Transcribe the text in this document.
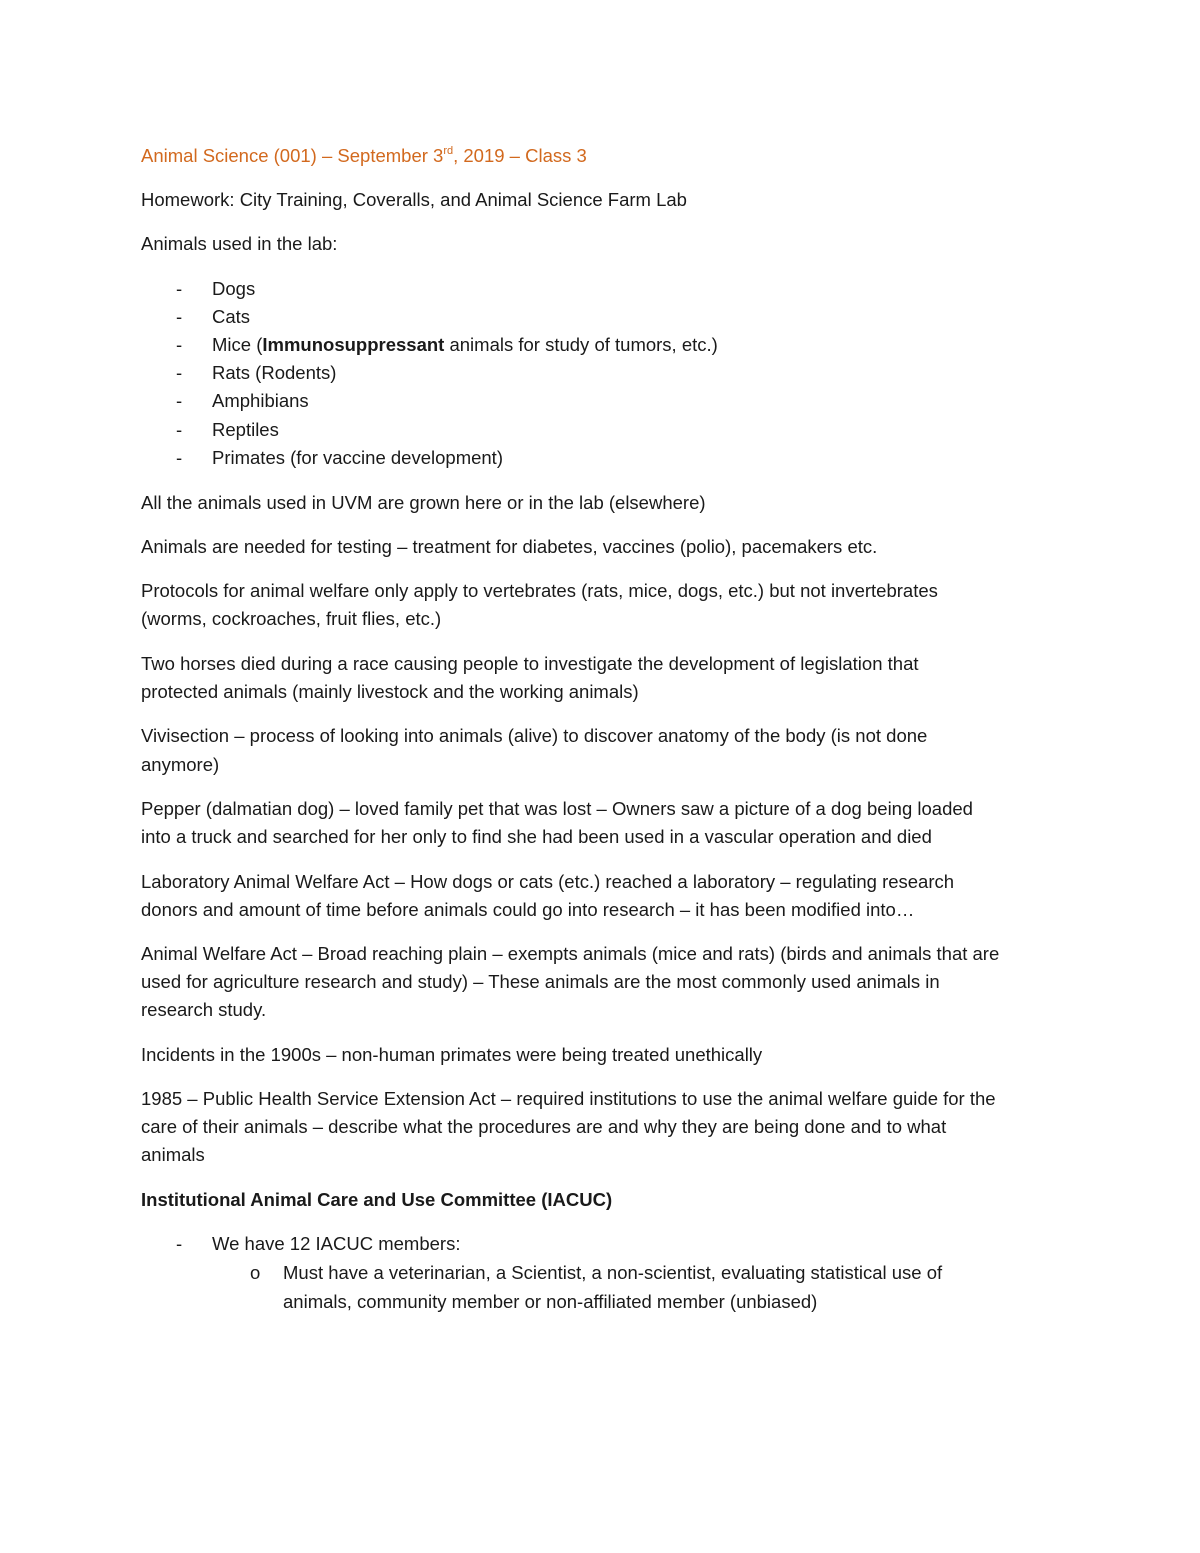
Animal Science (001) – September 3rd, 2019 – Class 3
Homework: City Training, Coveralls, and Animal Science Farm Lab
Animals used in the lab:
- Dogs
- Cats
- Mice (Immunosuppressant animals for study of tumors, etc.)
- Rats (Rodents)
- Amphibians
- Reptiles
- Primates (for vaccine development)
All the animals used in UVM are grown here or in the lab (elsewhere)
Animals are needed for testing – treatment for diabetes, vaccines (polio), pacemakers etc.
Protocols for animal welfare only apply to vertebrates (rats, mice, dogs, etc.) but not invertebrates
(worms, cockroaches, fruit flies, etc.)
Two horses died during a race causing people to investigate the development of legislation that
protected animals (mainly livestock and the working animals)
Vivisection – process of looking into animals (alive) to discover anatomy of the body (is not done
anymore)
Pepper (dalmatian dog) – loved family pet that was lost – Owners saw a picture of a dog being loaded
into a truck and searched for her only to find she had been used in a vascular operation and died
Laboratory Animal Welfare Act – How dogs or cats (etc.) reached a laboratory – regulating research
donors and amount of time before animals could go into research – it has been modified into…
Animal Welfare Act – Broad reaching plain – exempts animals (mice and rats) (birds and animals that are
used for agriculture research and study) – These animals are the most commonly used animals in
research study.
Incidents in the 1900s – non-human primates were being treated unethically
1985 – Public Health Service Extension Act – required institutions to use the animal welfare guide for the
care of their animals – describe what the procedures are and why they are being done and to what
animals
Institutional Animal Care and Use Committee (IACUC)
- We have 12 IACUC members:
o Must have a veterinarian, a Scientist, a non-scientist, evaluating statistical use of
animals, community member or non-affiliated member (unbiased)
